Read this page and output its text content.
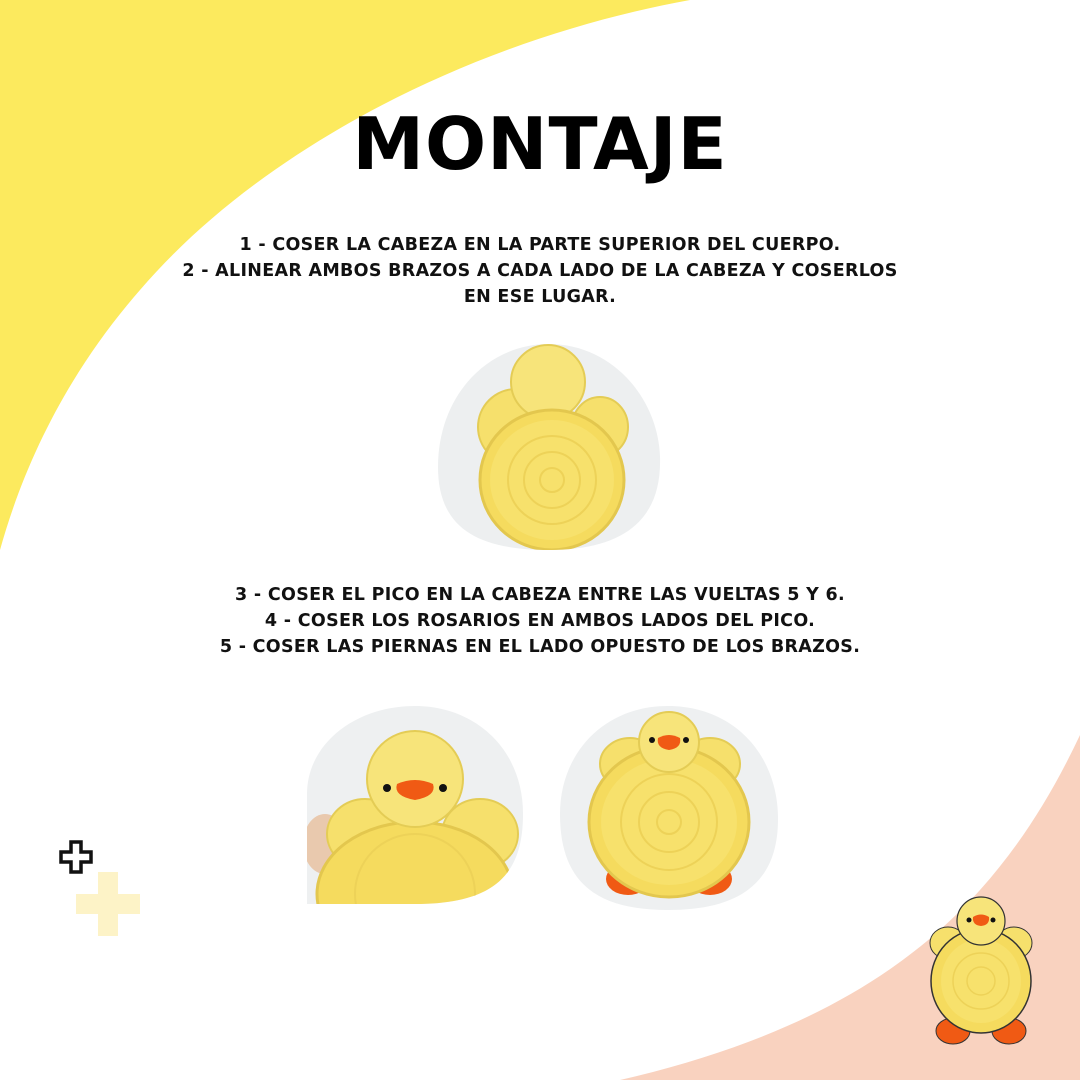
MONTAJE

1 - COSER LA CABEZA EN LA PARTE SUPERIOR DEL CUERPO.

2 - ALINEAR AMBOS BRAZOS A CADA LADO DE LA CABEZA Y COSERLOS

EN ESE LUGAR.

3 - COSER EL PICO EN LA CABEZA ENTRE LAS VUELTAS 5 Y 6.

4 - COSER LOS ROSARIOS EN AMBOS LADOS DEL PICO.

5 - COSER LAS PIERNAS EN EL LADO OPUESTO DE LOS BRAZOS.
